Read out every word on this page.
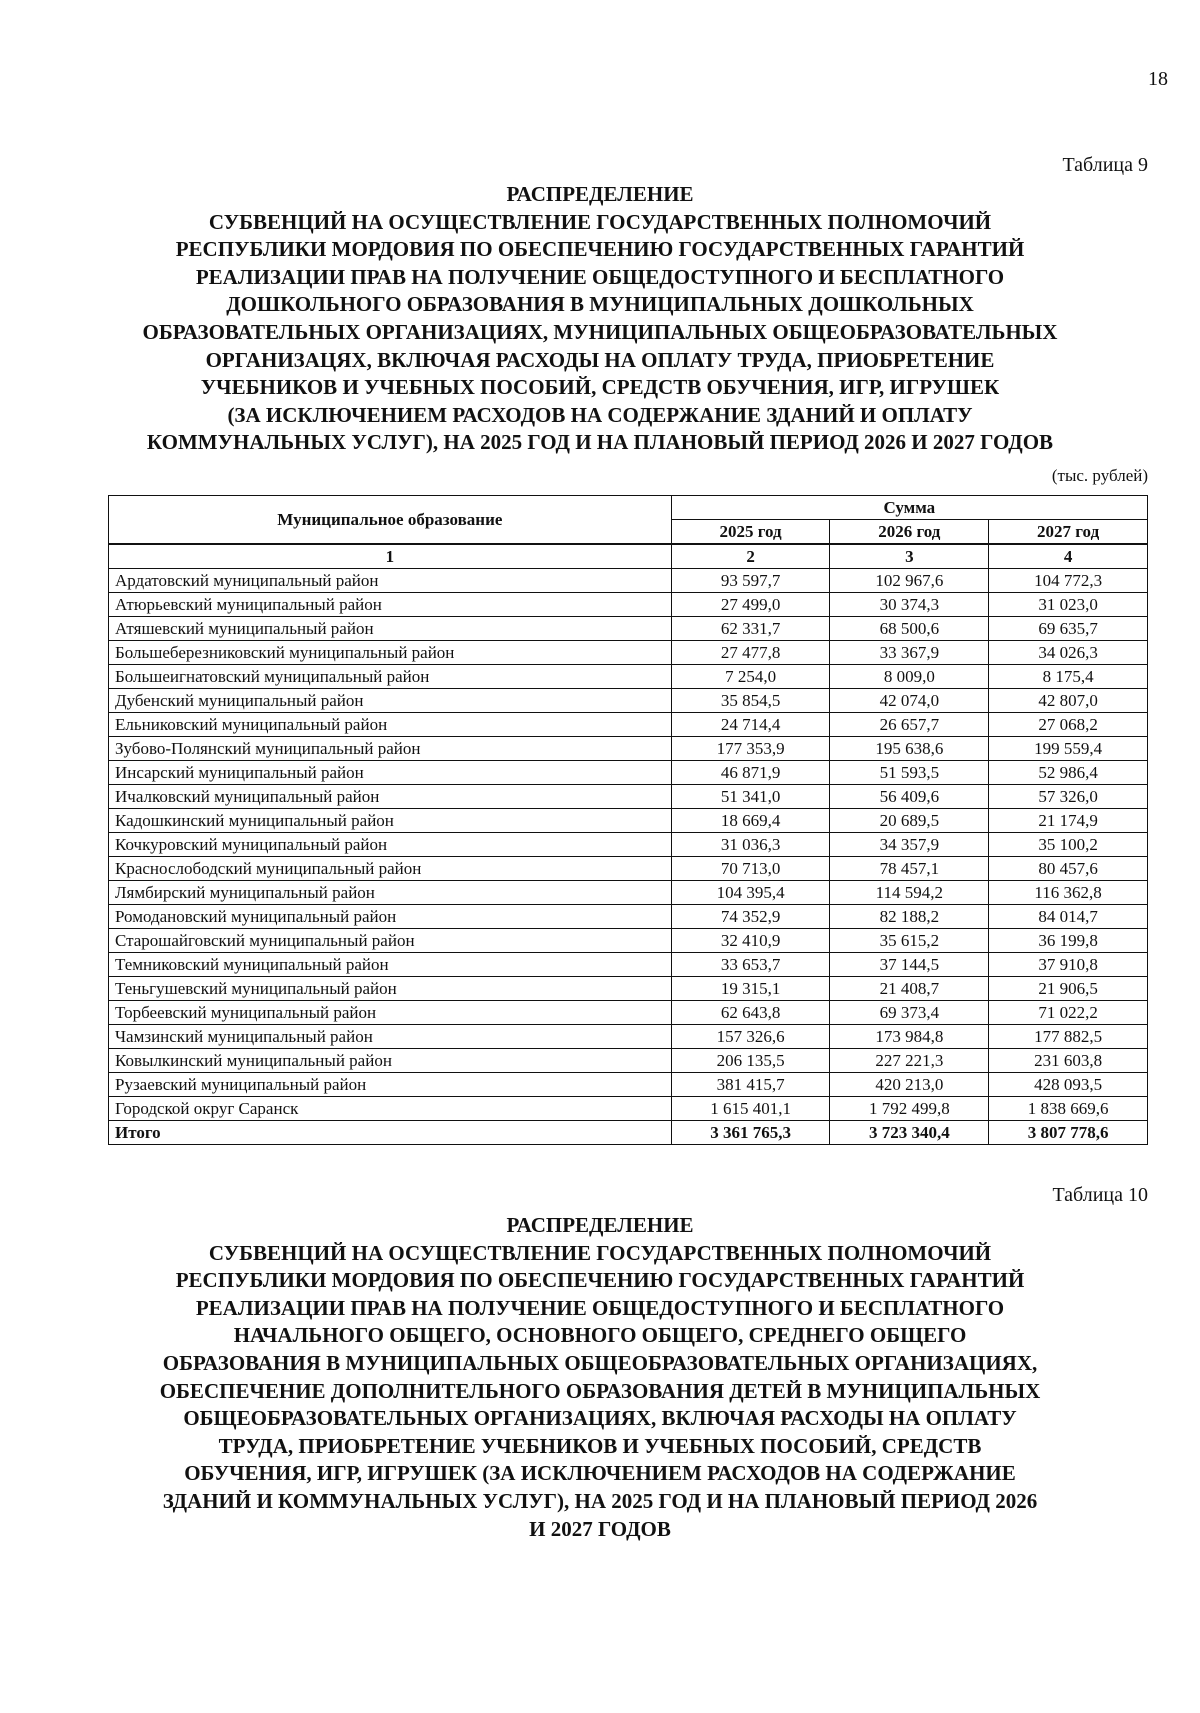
18
Таблица 9
РАСПРЕДЕЛЕНИЕ
СУБВЕНЦИЙ НА ОСУЩЕСТВЛЕНИЕ ГОСУДАРСТВЕННЫХ ПОЛНОМОЧИЙ
РЕСПУБЛИКИ МОРДОВИЯ ПО ОБЕСПЕЧЕНИЮ ГОСУДАРСТВЕННЫХ ГАРАНТИЙ
РЕАЛИЗАЦИИ ПРАВ НА ПОЛУЧЕНИЕ ОБЩЕДОСТУПНОГО И БЕСПЛАТНОГО
ДОШКОЛЬНОГО ОБРАЗОВАНИЯ В МУНИЦИПАЛЬНЫХ ДОШКОЛЬНЫХ
ОБРАЗОВАТЕЛЬНЫХ ОРГАНИЗАЦИЯХ, МУНИЦИПАЛЬНЫХ ОБЩЕОБРАЗОВАТЕЛЬНЫХ
ОРГАНИЗАЦЯХ, ВКЛЮЧАЯ РАСХОДЫ НА ОПЛАТУ ТРУДА, ПРИОБРЕТЕНИЕ
УЧЕБНИКОВ И УЧЕБНЫХ ПОСОБИЙ, СРЕДСТВ ОБУЧЕНИЯ, ИГР, ИГРУШЕК
(ЗА ИСКЛЮЧЕНИЕМ РАСХОДОВ НА СОДЕРЖАНИЕ ЗДАНИЙ И ОПЛАТУ
КОММУНАЛЬНЫХ УСЛУГ), НА 2025 ГОД И НА ПЛАНОВЫЙ ПЕРИОД 2026 И 2027 ГОДОВ
(тыс. рублей)
Муниципальное образование	Сумма		
	2025 год	2026 год	2027 год
1	2	3	4
Ардатовский муниципальный район	93 597,7	102 967,6	104 772,3
Атюрьевский муниципальный район	27 499,0	30 374,3	31 023,0
Атяшевский муниципальный район	62 331,7	68 500,6	69 635,7
Большеберезниковский муниципальный район	27 477,8	33 367,9	34 026,3
Большеигнатовский муниципальный район	7 254,0	8 009,0	8 175,4
Дубенский муниципальный район	35 854,5	42 074,0	42 807,0
Ельниковский муниципальный район	24 714,4	26 657,7	27 068,2
Зубово-Полянский муниципальный район	177 353,9	195 638,6	199 559,4
Инсарский муниципальный район	46 871,9	51 593,5	52 986,4
Ичалковский муниципальный район	51 341,0	56 409,6	57 326,0
Кадошкинский муниципальный район	18 669,4	20 689,5	21 174,9
Кочкуровский муниципальный район	31 036,3	34 357,9	35 100,2
Краснослободский муниципальный район	70 713,0	78 457,1	80 457,6
Лямбирский муниципальный район	104 395,4	114 594,2	116 362,8
Ромодановский муниципальный район	74 352,9	82 188,2	84 014,7
Старошайговский муниципальный район	32 410,9	35 615,2	36 199,8
Темниковский муниципальный район	33 653,7	37 144,5	37 910,8
Теньгушевский муниципальный район	19 315,1	21 408,7	21 906,5
Торбеевский муниципальный район	62 643,8	69 373,4	71 022,2
Чамзинский муниципальный район	157 326,6	173 984,8	177 882,5
Ковылкинский муниципальный район	206 135,5	227 221,3	231 603,8
Рузаевский муниципальный район	381 415,7	420 213,0	428 093,5
Городской округ Саранск	1 615 401,1	1 792 499,8	1 838 669,6
Итого	3 361 765,3	3 723 340,4	3 807 778,6
Таблица 10
РАСПРЕДЕЛЕНИЕ
СУБВЕНЦИЙ НА ОСУЩЕСТВЛЕНИЕ ГОСУДАРСТВЕННЫХ ПОЛНОМОЧИЙ
РЕСПУБЛИКИ МОРДОВИЯ ПО ОБЕСПЕЧЕНИЮ ГОСУДАРСТВЕННЫХ ГАРАНТИЙ
РЕАЛИЗАЦИИ ПРАВ НА ПОЛУЧЕНИЕ ОБЩЕДОСТУПНОГО И БЕСПЛАТНОГО
НАЧАЛЬНОГО ОБЩЕГО, ОСНОВНОГО ОБЩЕГО, СРЕДНЕГО ОБЩЕГО
ОБРАЗОВАНИЯ В МУНИЦИПАЛЬНЫХ ОБЩЕОБРАЗОВАТЕЛЬНЫХ ОРГАНИЗАЦИЯХ,
ОБЕСПЕЧЕНИЕ ДОПОЛНИТЕЛЬНОГО ОБРАЗОВАНИЯ ДЕТЕЙ В МУНИЦИПАЛЬНЫХ
ОБЩЕОБРАЗОВАТЕЛЬНЫХ ОРГАНИЗАЦИЯХ, ВКЛЮЧАЯ РАСХОДЫ НА ОПЛАТУ
ТРУДА, ПРИОБРЕТЕНИЕ УЧЕБНИКОВ И УЧЕБНЫХ ПОСОБИЙ, СРЕДСТВ
ОБУЧЕНИЯ, ИГР, ИГРУШЕК (ЗА ИСКЛЮЧЕНИЕМ РАСХОДОВ НА СОДЕРЖАНИЕ
ЗДАНИЙ И КОММУНАЛЬНЫХ УСЛУГ), НА 2025 ГОД И НА ПЛАНОВЫЙ ПЕРИОД 2026
И 2027 ГОДОВ
